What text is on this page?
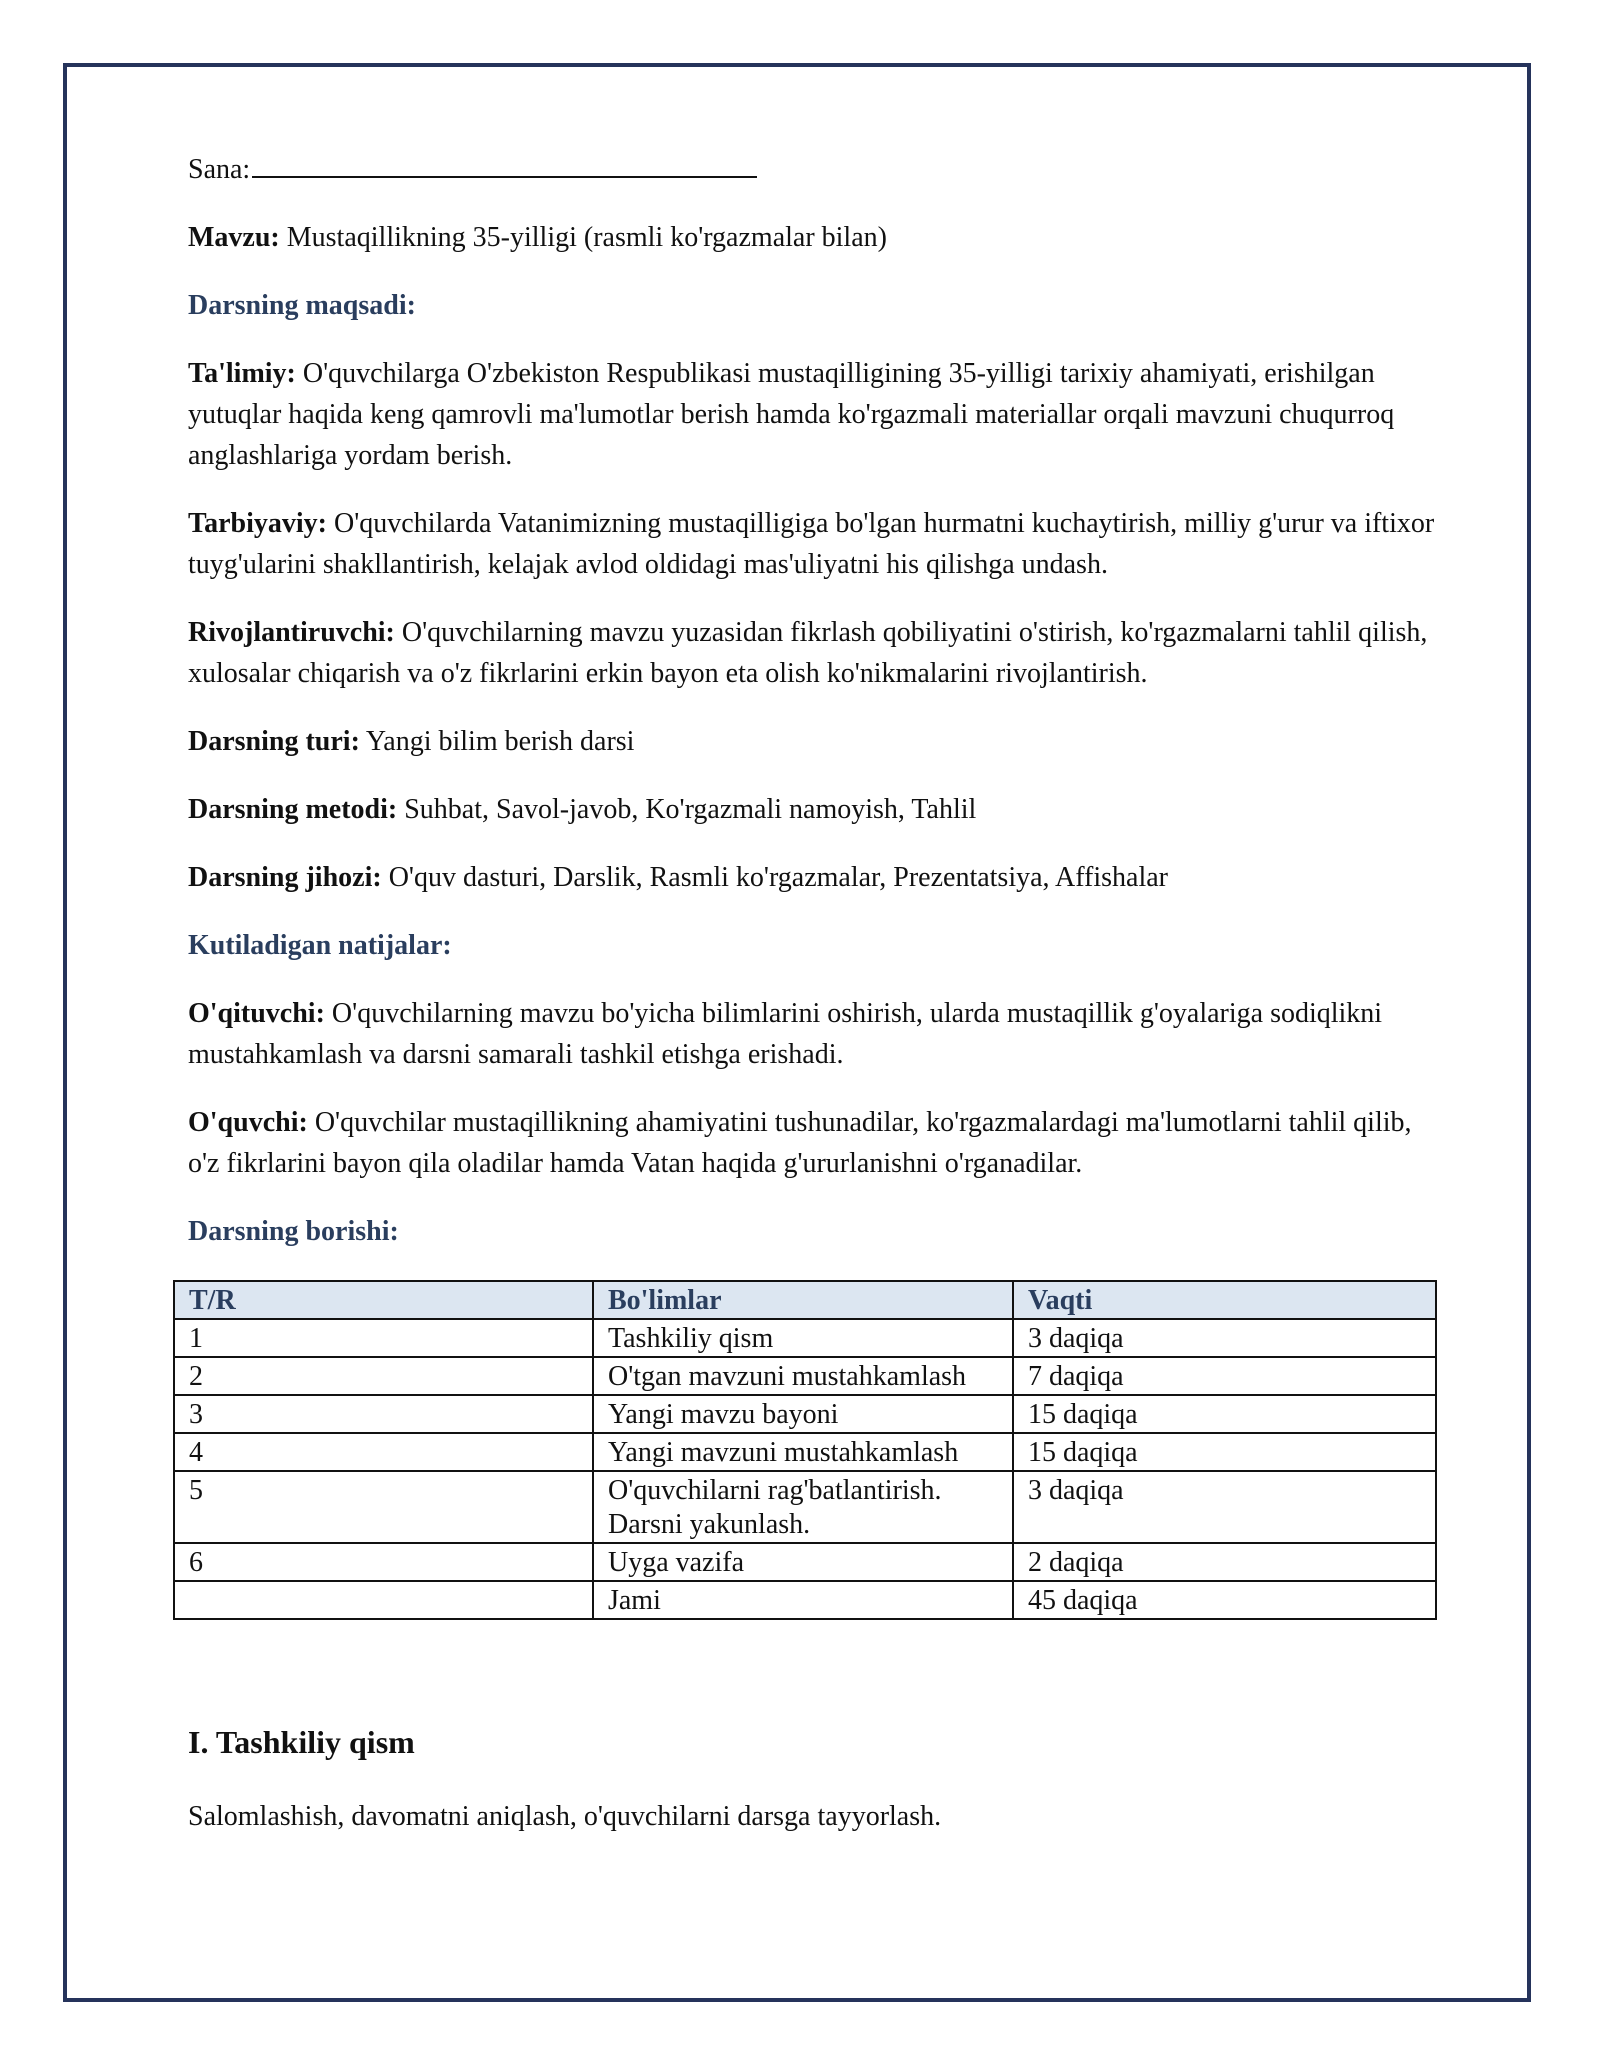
Sana:

Mavzu: Mustaqillikning 35-yilligi (rasmli ko'rgazmalar bilan)

Darsning maqsadi:

Ta'limiy: O'quvchilarga O'zbekiston Respublikasi mustaqilligining 35-yilligi tarixiy ahamiyati, erishilgan yutuqlar haqida keng qamrovli ma'lumotlar berish hamda ko'rgazmali materiallar orqali mavzuni chuqurroq anglashlariga yordam berish.

Tarbiyaviy: O'quvchilarda Vatanimizning mustaqilligiga bo'lgan hurmatni kuchaytirish, milliy g'urur va iftixor tuyg'ularini shakllantirish, kelajak avlod oldidagi mas'uliyatni his qilishga undash.

Rivojlantiruvchi: O'quvchilarning mavzu yuzasidan fikrlash qobiliyatini o'stirish, ko'rgazmalarni tahlil qilish, xulosalar chiqarish va o'z fikrlarini erkin bayon eta olish ko'nikmalarini rivojlantirish.

Darsning turi: Yangi bilim berish darsi

Darsning metodi: Suhbat, Savol-javob, Ko'rgazmali namoyish, Tahlil

Darsning jihozi: O'quv dasturi, Darslik, Rasmli ko'rgazmalar, Prezentatsiya, Affishalar

Kutiladigan natijalar:

O'qituvchi: O'quvchilarning mavzu bo'yicha bilimlarini oshirish, ularda mustaqillik g'oyalariga sodiqlikni mustahkamlash va darsni samarali tashkil etishga erishadi.

O'quvchi: O'quvchilar mustaqillikning ahamiyatini tushunadilar, ko'rgazmalardagi ma'lumotlarni tahlil qilib, o'z fikrlarini bayon qila oladilar hamda Vatan haqida g'ururlanishni o'rganadilar.

Darsning borishi:

T/R	Bo'limlar	Vaqti
1	Tashkiliy qism	3 daqiqa
2	O'tgan mavzuni mustahkamlash	7 daqiqa
3	Yangi mavzu bayoni	15 daqiqa
4	Yangi mavzuni mustahkamlash	15 daqiqa
5	O'quvchilarni rag'batlantirish. Darsni yakunlash.	3 daqiqa
6	Uyga vazifa	2 daqiqa
	Jami	45 daqiqa
I. Tashkiliy qism

Salomlashish, davomatni aniqlash, o'quvchilarni darsga tayyorlash.
